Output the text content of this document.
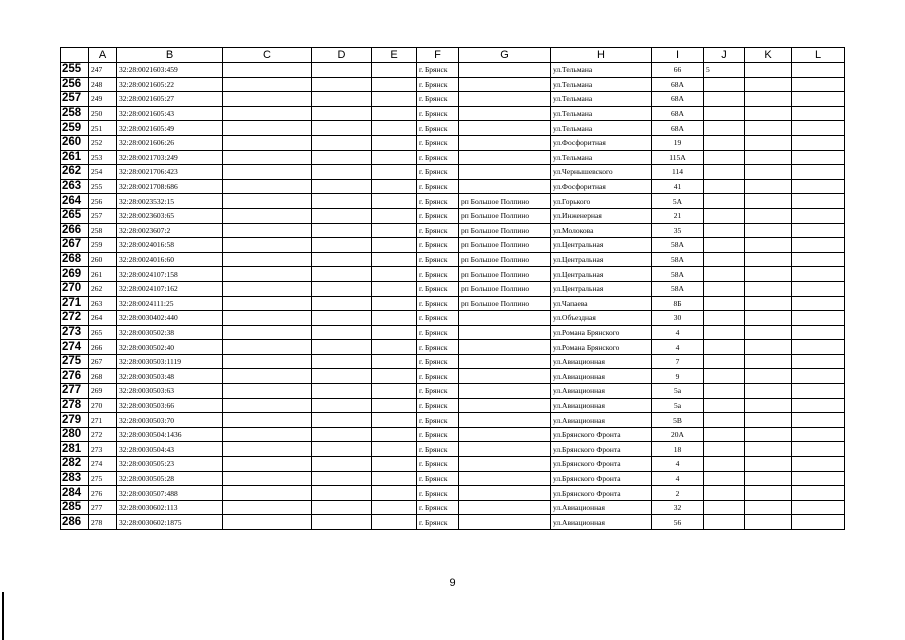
	A	B	C	D	E	F	G	H	I	J	K	L
255	247	32:28:0021603:459				г. Брянск		ул.Тельмана	66	5		
256	248	32:28:0021605:22				г. Брянск		ул.Тельмана	68А			
257	249	32:28:0021605:27				г. Брянск		ул.Тельмана	68А			
258	250	32:28:0021605:43				г. Брянск		ул.Тельмана	68А			
259	251	32:28:0021605:49				г. Брянск		ул.Тельмана	68А			
260	252	32:28:0021606:26				г. Брянск		ул.Фосфоритная	19			
261	253	32:28:0021703:249				г. Брянск		ул.Тельмана	115А			
262	254	32:28:0021706:423				г. Брянск		ул.Чернышевского	114			
263	255	32:28:0021708:686				г. Брянск		ул.Фосфоритная	41			
264	256	32:28:0023532:15				г. Брянск	рп Большое Полпино	ул.Горького	5А			
265	257	32:28:0023603:65				г. Брянск	рп Большое Полпино	ул.Инженерная	21			
266	258	32:28:0023607:2				г. Брянск	рп Большое Полпино	ул.Молокова	35			
267	259	32:28:0024016:58				г. Брянск	рп Большое Полпино	ул.Центральная	58А			
268	260	32:28:0024016:60				г. Брянск	рп Большое Полпино	ул.Центральная	58А			
269	261	32:28:0024107:158				г. Брянск	рп Большое Полпино	ул.Центральная	58А			
270	262	32:28:0024107:162				г. Брянск	рп Большое Полпино	ул.Центральная	58А			
271	263	32:28:0024111:25				г. Брянск	рп Большое Полпино	ул.Чапаева	8Б			
272	264	32:28:0030402:440				г. Брянск		ул.Объездная	30			
273	265	32:28:0030502:38				г. Брянск		ул.Романа Брянского	4			
274	266	32:28:0030502:40				г. Брянск		ул.Романа Брянского	4			
275	267	32:28:0030503:1119				г. Брянск		ул.Авиационная	7			
276	268	32:28:0030503:48				г. Брянск		ул.Авиационная	9			
277	269	32:28:0030503:63				г. Брянск		ул.Авиационная	5а			
278	270	32:28:0030503:66				г. Брянск		ул.Авиационная	5а			
279	271	32:28:0030503:70				г. Брянск		ул.Авиационная	5В			
280	272	32:28:0030504:1436				г. Брянск		ул.Брянского Фронта	20А			
281	273	32:28:0030504:43				г. Брянск		ул.Брянского Фронта	18			
282	274	32:28:0030505:23				г. Брянск		ул.Брянского Фронта	4			
283	275	32:28:0030505:28				г. Брянск		ул.Брянского Фронта	4			
284	276	32:28:0030507:488				г. Брянск		ул.Брянского Фронта	2			
285	277	32:28:0030602:113				г. Брянск		ул.Авиационная	32			
286	278	32:28:0030602:1875				г. Брянск		ул.Авиационная	56			
9
